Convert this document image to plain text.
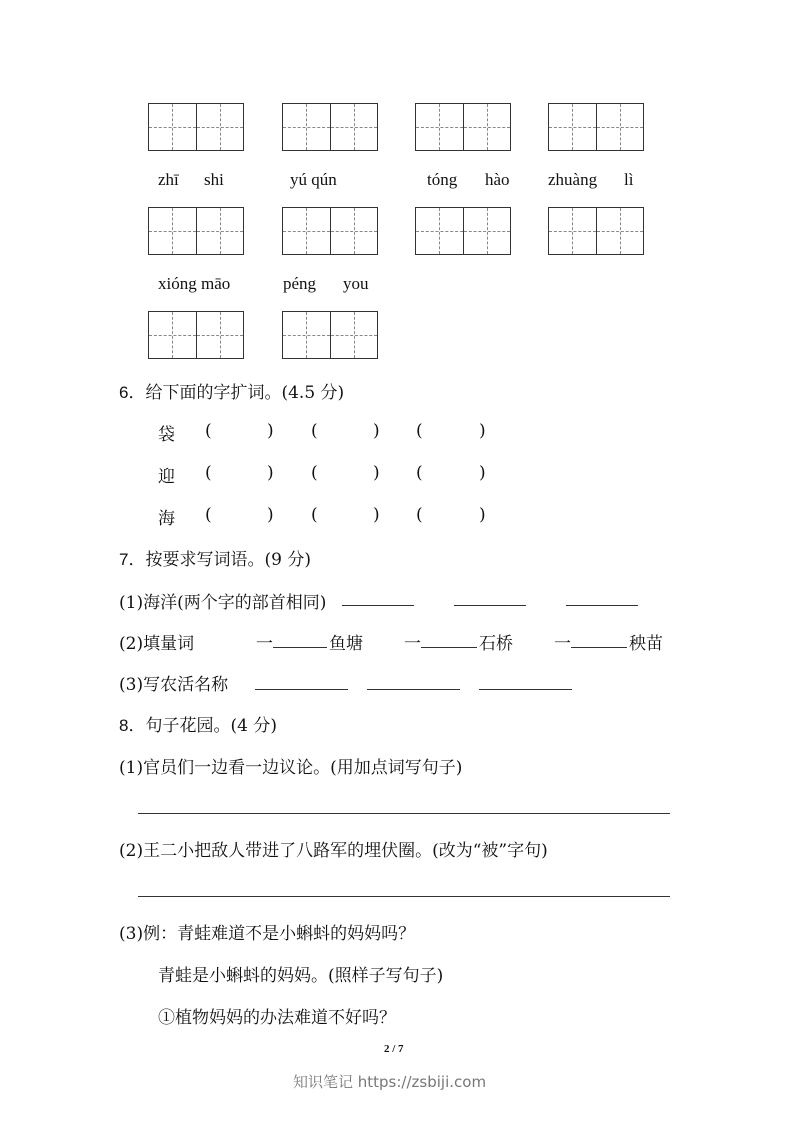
zhī shi	yú qún	tóng hào zhuàng lì
xióng māo	péng you
6．给下面的字扩词。(4.5 分)
袋 (	) (	) (	)
迎 (	) (	) (	)
海 (	) (	) (	)
7．按要求写词语。(9 分)
(1)海洋(两个字的部首相同)
(2)填量词	一	鱼塘 一	石桥 一	秧苗
(3)写农活名称
8．句子花园。(4 分)
(1)官员们一边看一边议论。(用加点词写句子)
(2)王二小把敌人带进了八路军的埋伏圈。(改为“被”字句)
(3)例：青蛙难道不是小蝌蚪的妈妈吗？
青蛙是小蝌蚪的妈妈。(照样子写句子)
①植物妈妈的办法难道不好吗？
2 / 7
知识笔记 https://zsbiji.com
